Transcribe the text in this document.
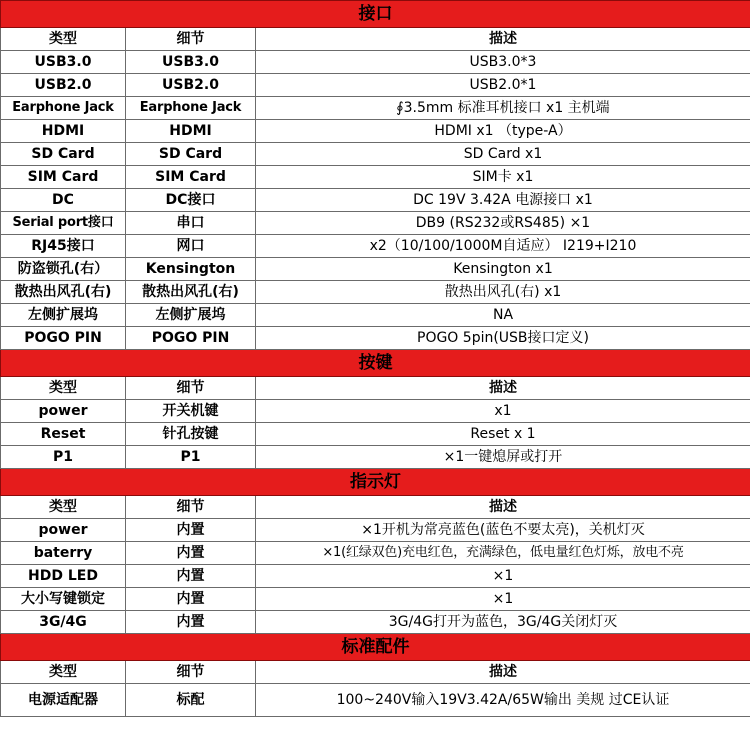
接口		
类型	细节	描述
USB3.0	USB3.0	USB3.0*3
USB2.0	USB2.0	USB2.0*1
Earphone Jack	Earphone Jack	∮3.5mm 标准耳机接口 x1 主机端
HDMI	HDMI	HDMI x1 （type-A）
SD Card	SD Card	SD Card x1
SIM Card	SIM Card	SIM卡 x1
DC	DC接口	DC 19V 3.42A 电源接口 x1
Serial port接口	串口	DB9 (RS232或RS485) ×1
RJ45接口	网口	x2（10/100/1000M自适应） I219+I210
防盗锁孔(右）	Kensington	Kensington x1
散热出风孔(右)	散热出风孔(右)	散热出风孔(右) x1
左侧扩展坞	左侧扩展坞	NA
POGO PIN	POGO PIN	POGO 5pin(USB接口定义)
按键		
类型	细节	描述
power	开关机键	x1
Reset	针孔按键	Reset x 1
P1	P1	×1一键熄屏或打开
指示灯		
类型	细节	描述
power	内置	×1开机为常亮蓝色(蓝色不要太亮)，关机灯灭
baterry	内置	×1(红绿双色)充电红色，充满绿色，低电量红色灯烁，放电不亮
HDD LED	内置	×1
大小写键锁定	内置	×1
3G/4G	内置	3G/4G打开为蓝色，3G/4G关闭灯灭
标准配件		
类型	细节	描述
电源适配器	标配	100~240V输入19V3.42A/65W输出 美规 过CE认证
